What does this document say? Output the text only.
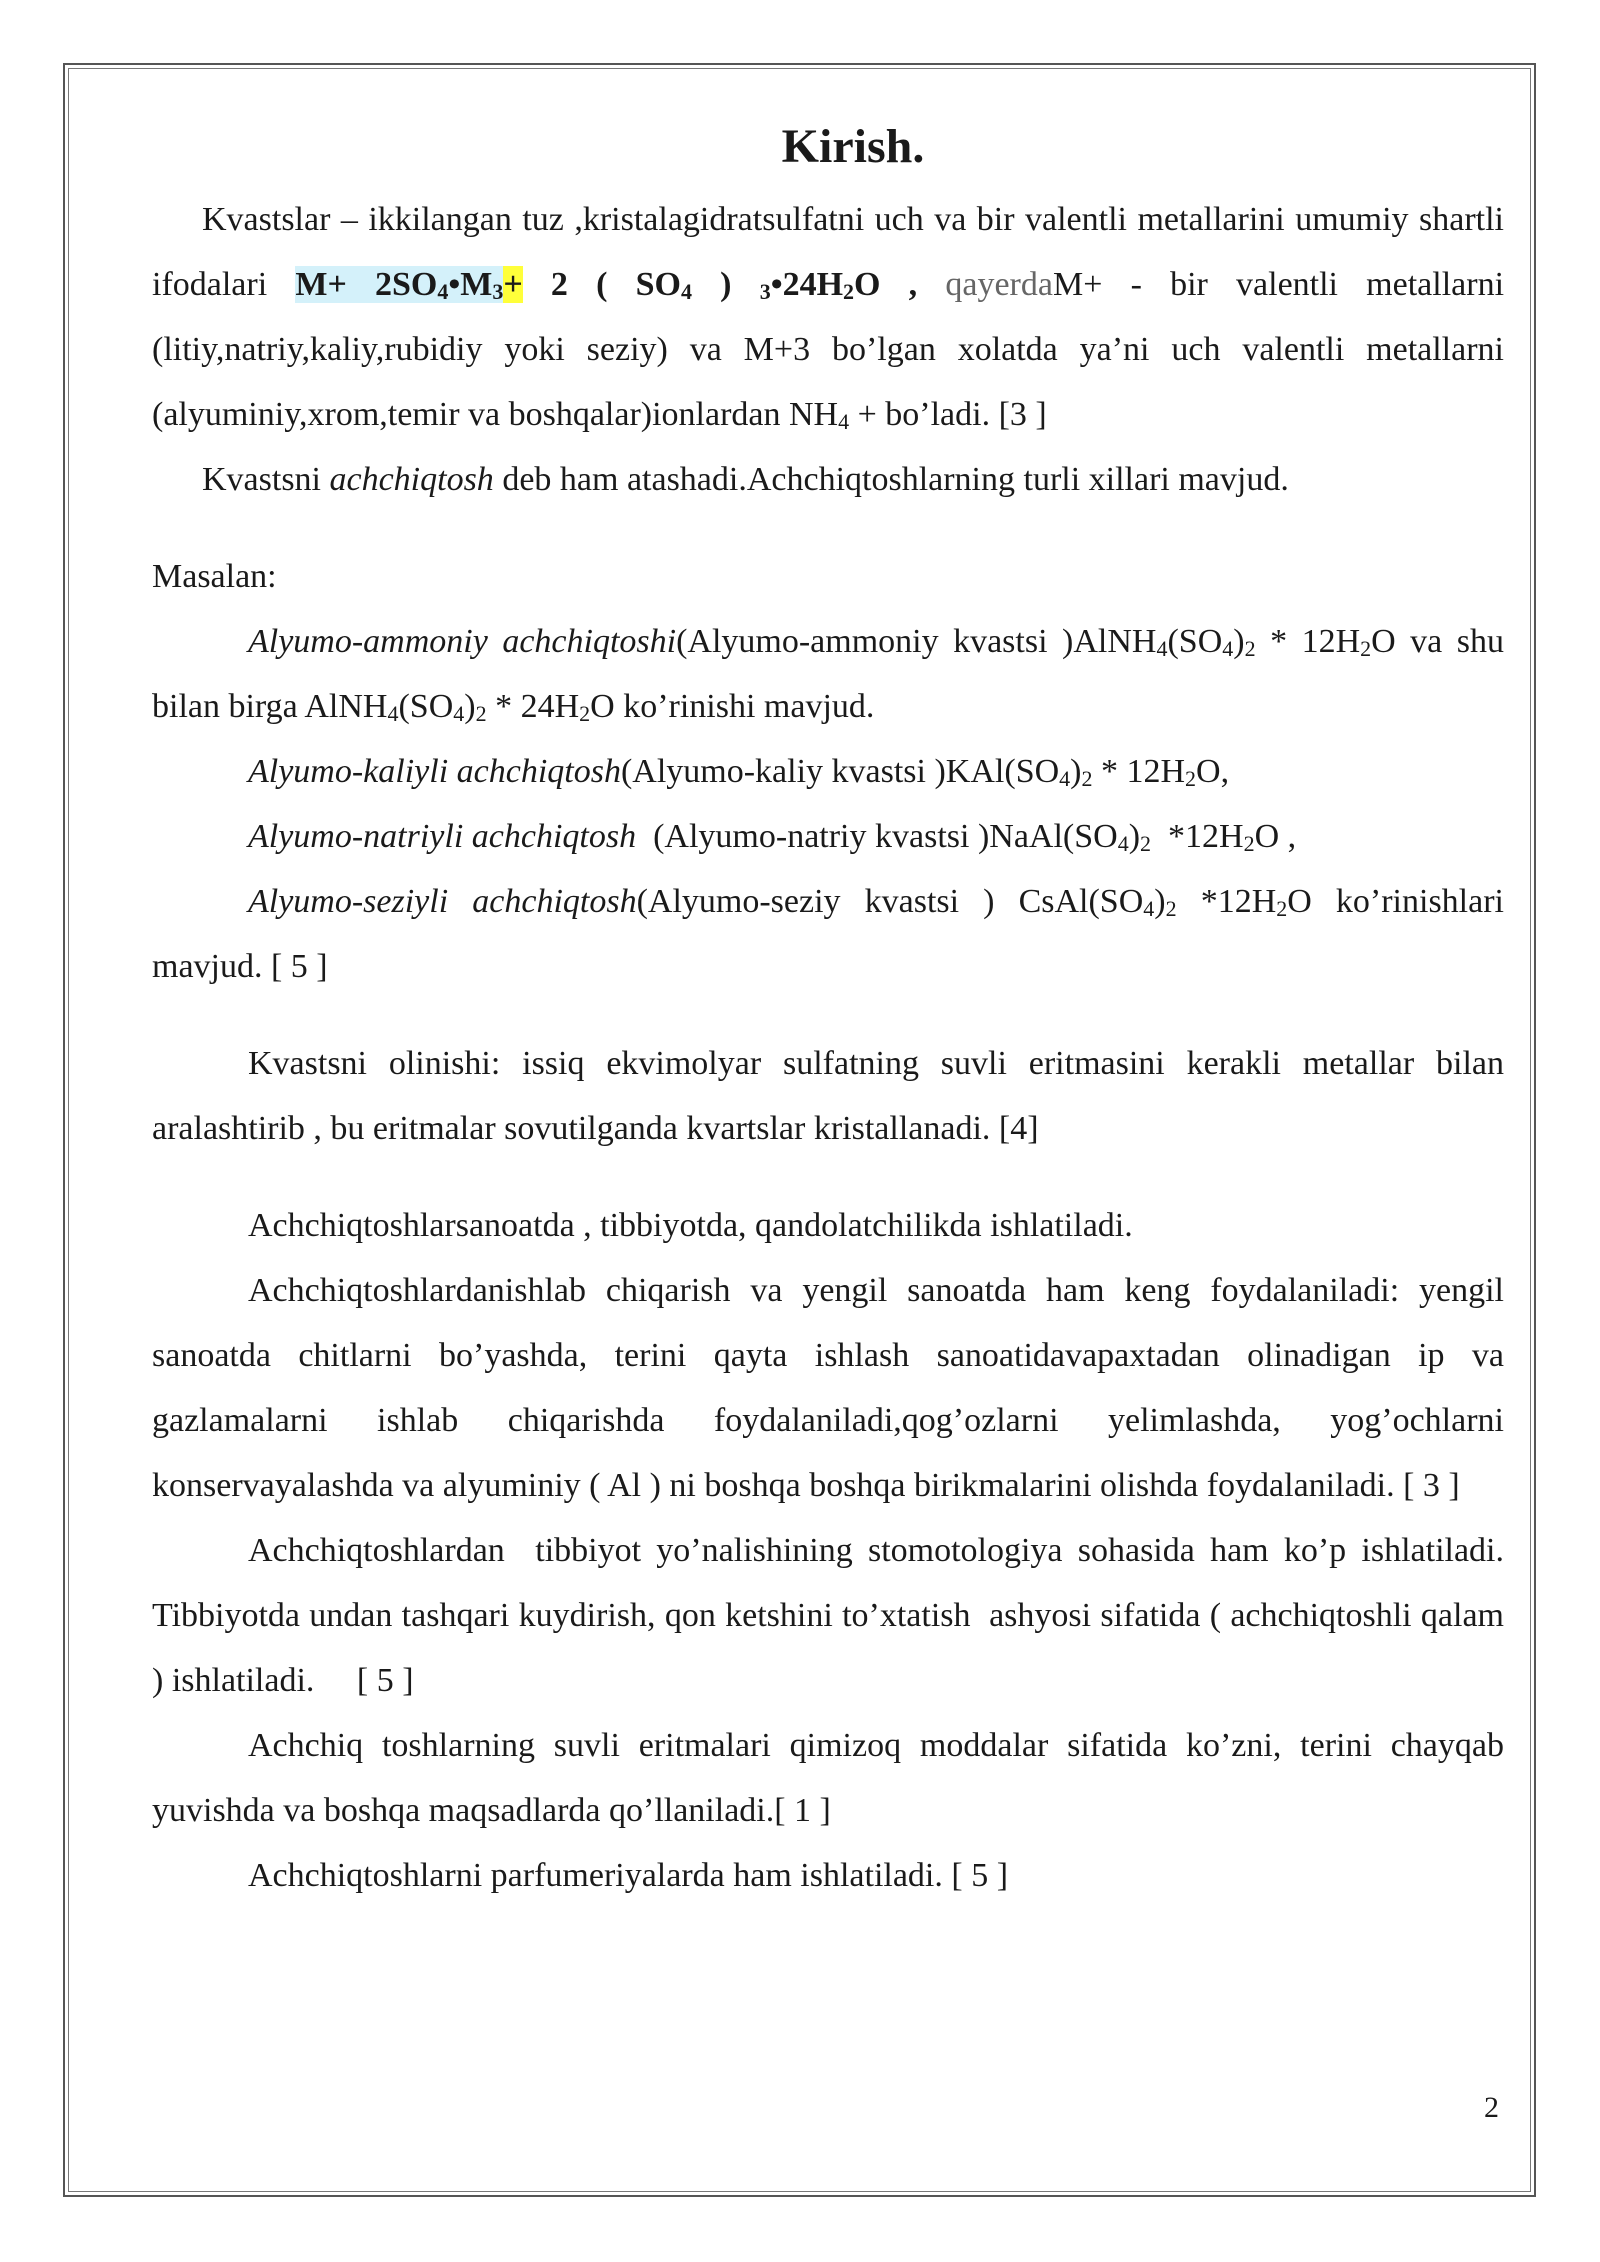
Kirish.

Kvastslar – ikkilangan tuz ,kristalagidratsulfatni uch va bir valentli metallarini umumiy shartli ifodalari $M+ 2SO_4•M_3+ 2$ ( $SO_4$ ) $_3•24H_2O$ , qayerdaM+ - bir valentli metallarni (litiy,natriy,kaliy,rubidiy yoki seziy) va M+3 bo’lgan xolatda ya’ni uch valentli metallarni (alyuminiy,xrom,temir va boshqalar)ionlardan $NH_4$ + bo’ladi. [3 ]

Kvastsni achchiqtosh deb ham atashadi.Achchiqtoshlarning turli xillari mavjud.

Masalan:

Alyumo-ammoniy achchiqtoshi(Alyumo-ammoniy kvastsi )$AlNH_4(SO_4)_2 * 12H_2O$ va shu bilan birga $AlNH_4(SO_4)_2 * 24H_2O$ ko’rinishi mavjud.

Alyumo-kaliyli achchiqtosh(Alyumo-kaliy kvastsi )$KAl(SO_4)_2 * 12H_2O$,

Alyumo-natriyli achchiqtosh  (Alyumo-natriy kvastsi )$NaAl(SO_4)_2$  $*12H_2O$ ,

Alyumo-seziyli achchiqtosh(Alyumo-seziy kvastsi ) $CsAl(SO_4)_2$ $*12H_2O$ ko’rinishlari mavjud. [ 5 ]

Kvastsni olinishi: issiq ekvimolyar sulfatning suvli eritmasini kerakli metallar bilan aralashtirib , bu eritmalar sovutilganda kvartslar kristallanadi. [4]

Achchiqtoshlarsanoatda , tibbiyotda, qandolatchilikda ishlatiladi.

Achchiqtoshlardanishlab chiqarish va yengil sanoatda ham keng foydalaniladi: yengil sanoatda chitlarni bo’yashda, terini qayta ishlash sanoatidavapaxtadan olinadigan ip va gazlamalarni ishlab chiqarishda foydalaniladi,qog’ozlarni yelimlashda, yog’ochlarni konservayalashda va alyuminiy ( Al ) ni boshqa boshqa birikmalarini olishda foydalaniladi. [ 3 ]

Achchiqtoshlardan  tibbiyot yo’nalishining stomotologiya sohasida ham ko’p ishlatiladi. Tibbiyotda undan tashqari kuydirish, qon ketshini to’xtatish  ashyosi sifatida ( achchiqtoshli qalam ) ishlatiladi.     [ 5 ]

Achchiq toshlarning suvli eritmalari qimizoq moddalar sifatida ko’zni, terini chayqab yuvishda va boshqa maqsadlarda qo’llaniladi.[ 1 ]

Achchiqtoshlarni parfumeriyalarda ham ishlatiladi. [ 5 ]

2
